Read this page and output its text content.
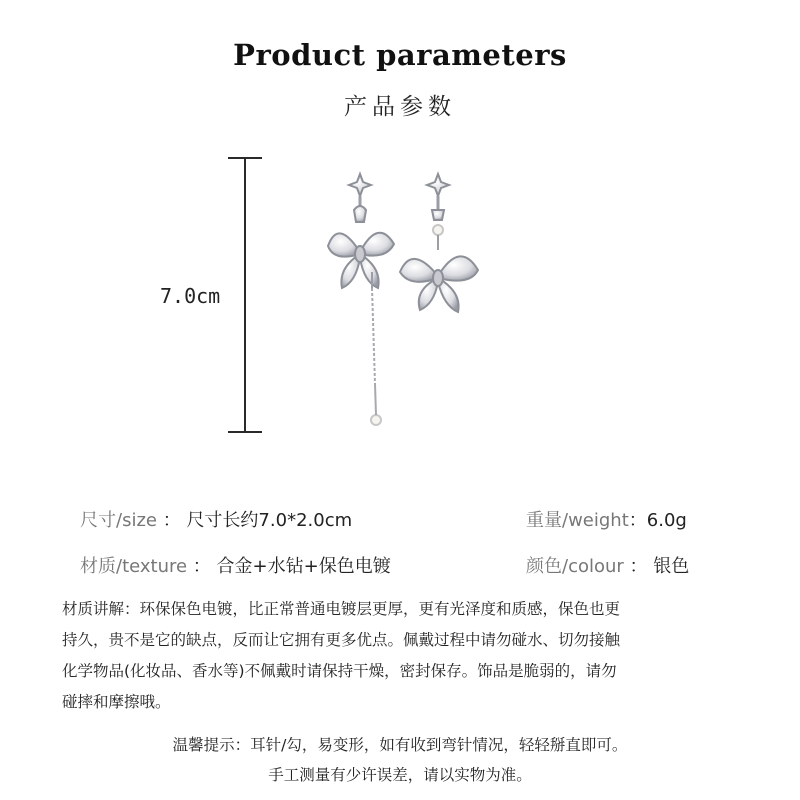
Product parameters
产品参数
7.0cm
尺寸/size ： 尺寸长约7.0*2.0cm	重量/weight：6.0g
材质/texture ： 合金+水钻+保色电镀	颜色/colour ： 银色
材质讲解：环保保色电镀，比正常普通电镀层更厚，更有光泽度和质感，保色也更
持久，贵不是它的缺点，反而让它拥有更多优点。佩戴过程中请勿碰水、切勿接触
化学物品(化妆品、香水等)不佩戴时请保持干燥，密封保存。饰品是脆弱的，请勿
碰摔和摩擦哦。
温馨提示：耳针/勾，易变形，如有收到弯针情况，轻轻掰直即可。
手工测量有少许误差，请以实物为准。
